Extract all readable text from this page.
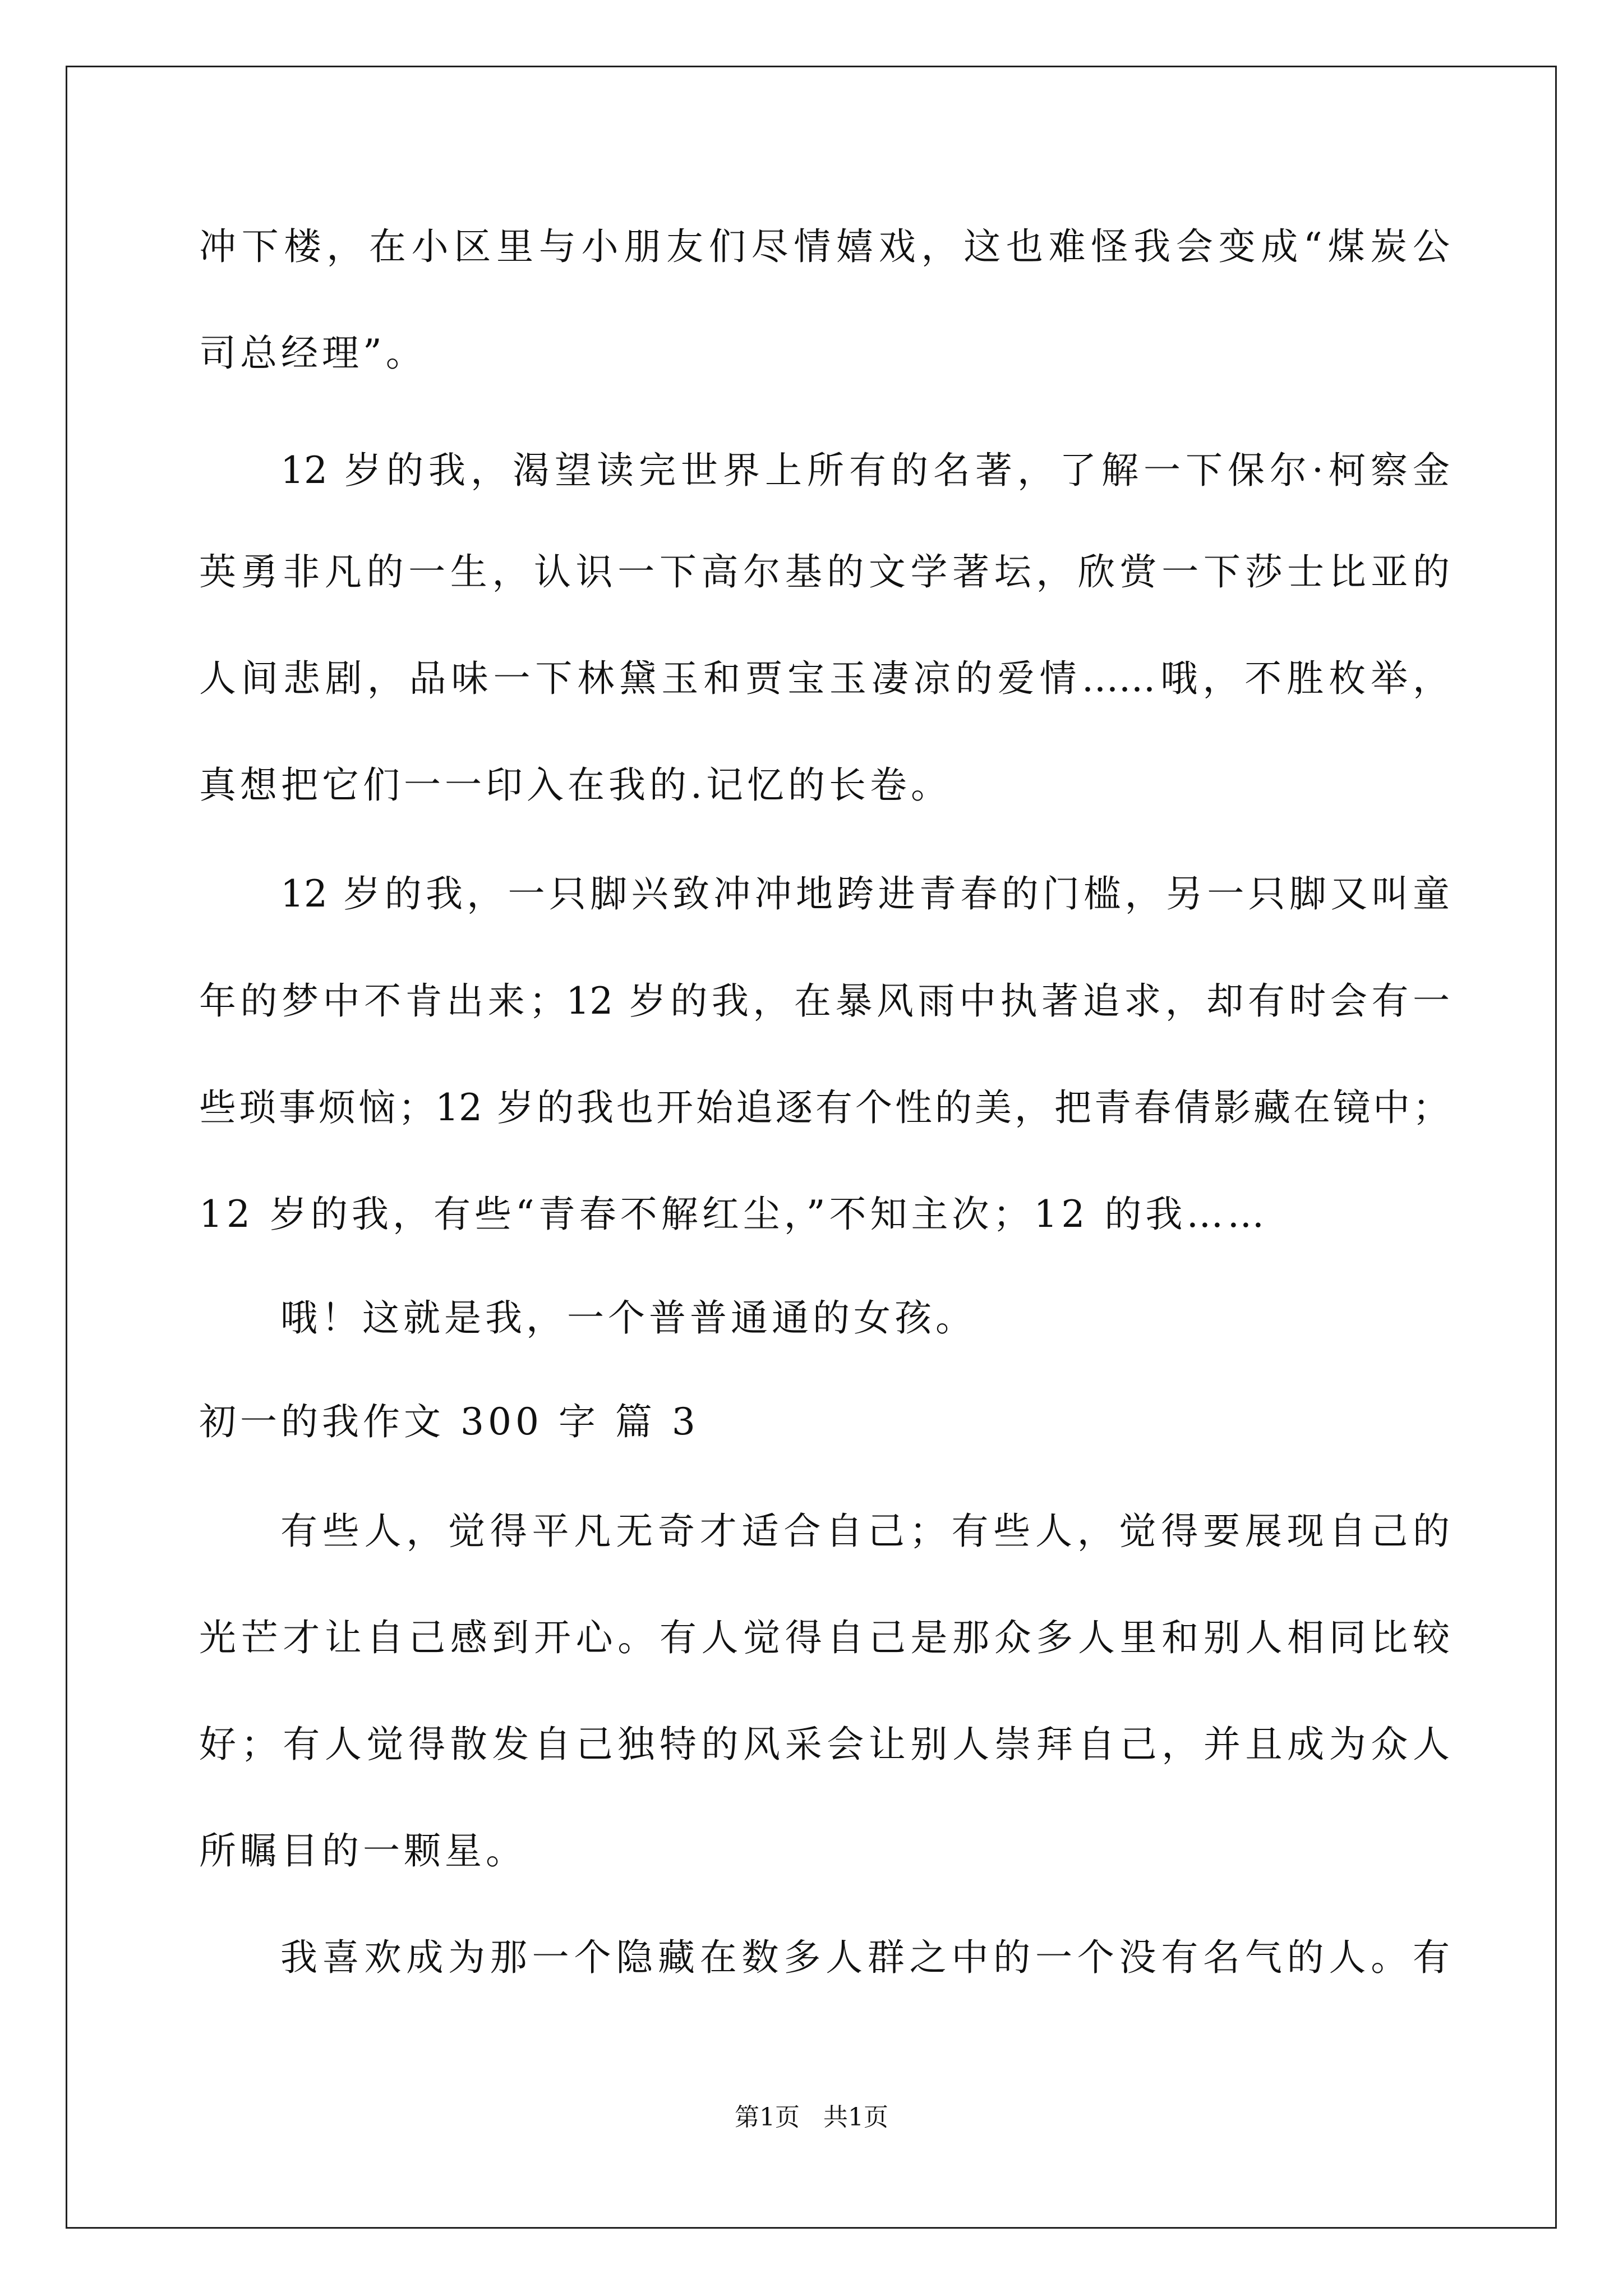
冲下楼，在小区里与小朋友们尽情嬉戏，这也难怪我会变成“煤炭公
司总经理”。
12 岁的我，渴望读完世界上所有的名著，了解一下保尔·柯察金
英勇非凡的一生，认识一下高尔基的文学著坛，欣赏一下莎士比亚的
人间悲剧，品味一下林黛玉和贾宝玉凄凉的爱情……哦，不胜枚举，
真想把它们一一印入在我的.记忆的长卷。
12 岁的我，一只脚兴致冲冲地跨进青春的门槛，另一只脚又叫童
年的梦中不肯出来；12 岁的我，在暴风雨中执著追求，却有时会有一
些琐事烦恼；12 岁的我也开始追逐有个性的美，把青春倩影藏在镜中；
12 岁的我，有些“青春不解红尘，”不知主次；12 的我……
哦！这就是我，一个普普通通的女孩。
初一的我作文 300 字 篇 3
有些人，觉得平凡无奇才适合自己；有些人，觉得要展现自己的
光芒才让自己感到开心。有人觉得自己是那众多人里和别人相同比较
好；有人觉得散发自己独特的风采会让别人崇拜自己，并且成为众人
所瞩目的一颗星。
我喜欢成为那一个隐藏在数多人群之中的一个没有名气的人。有
第1页   共1页
